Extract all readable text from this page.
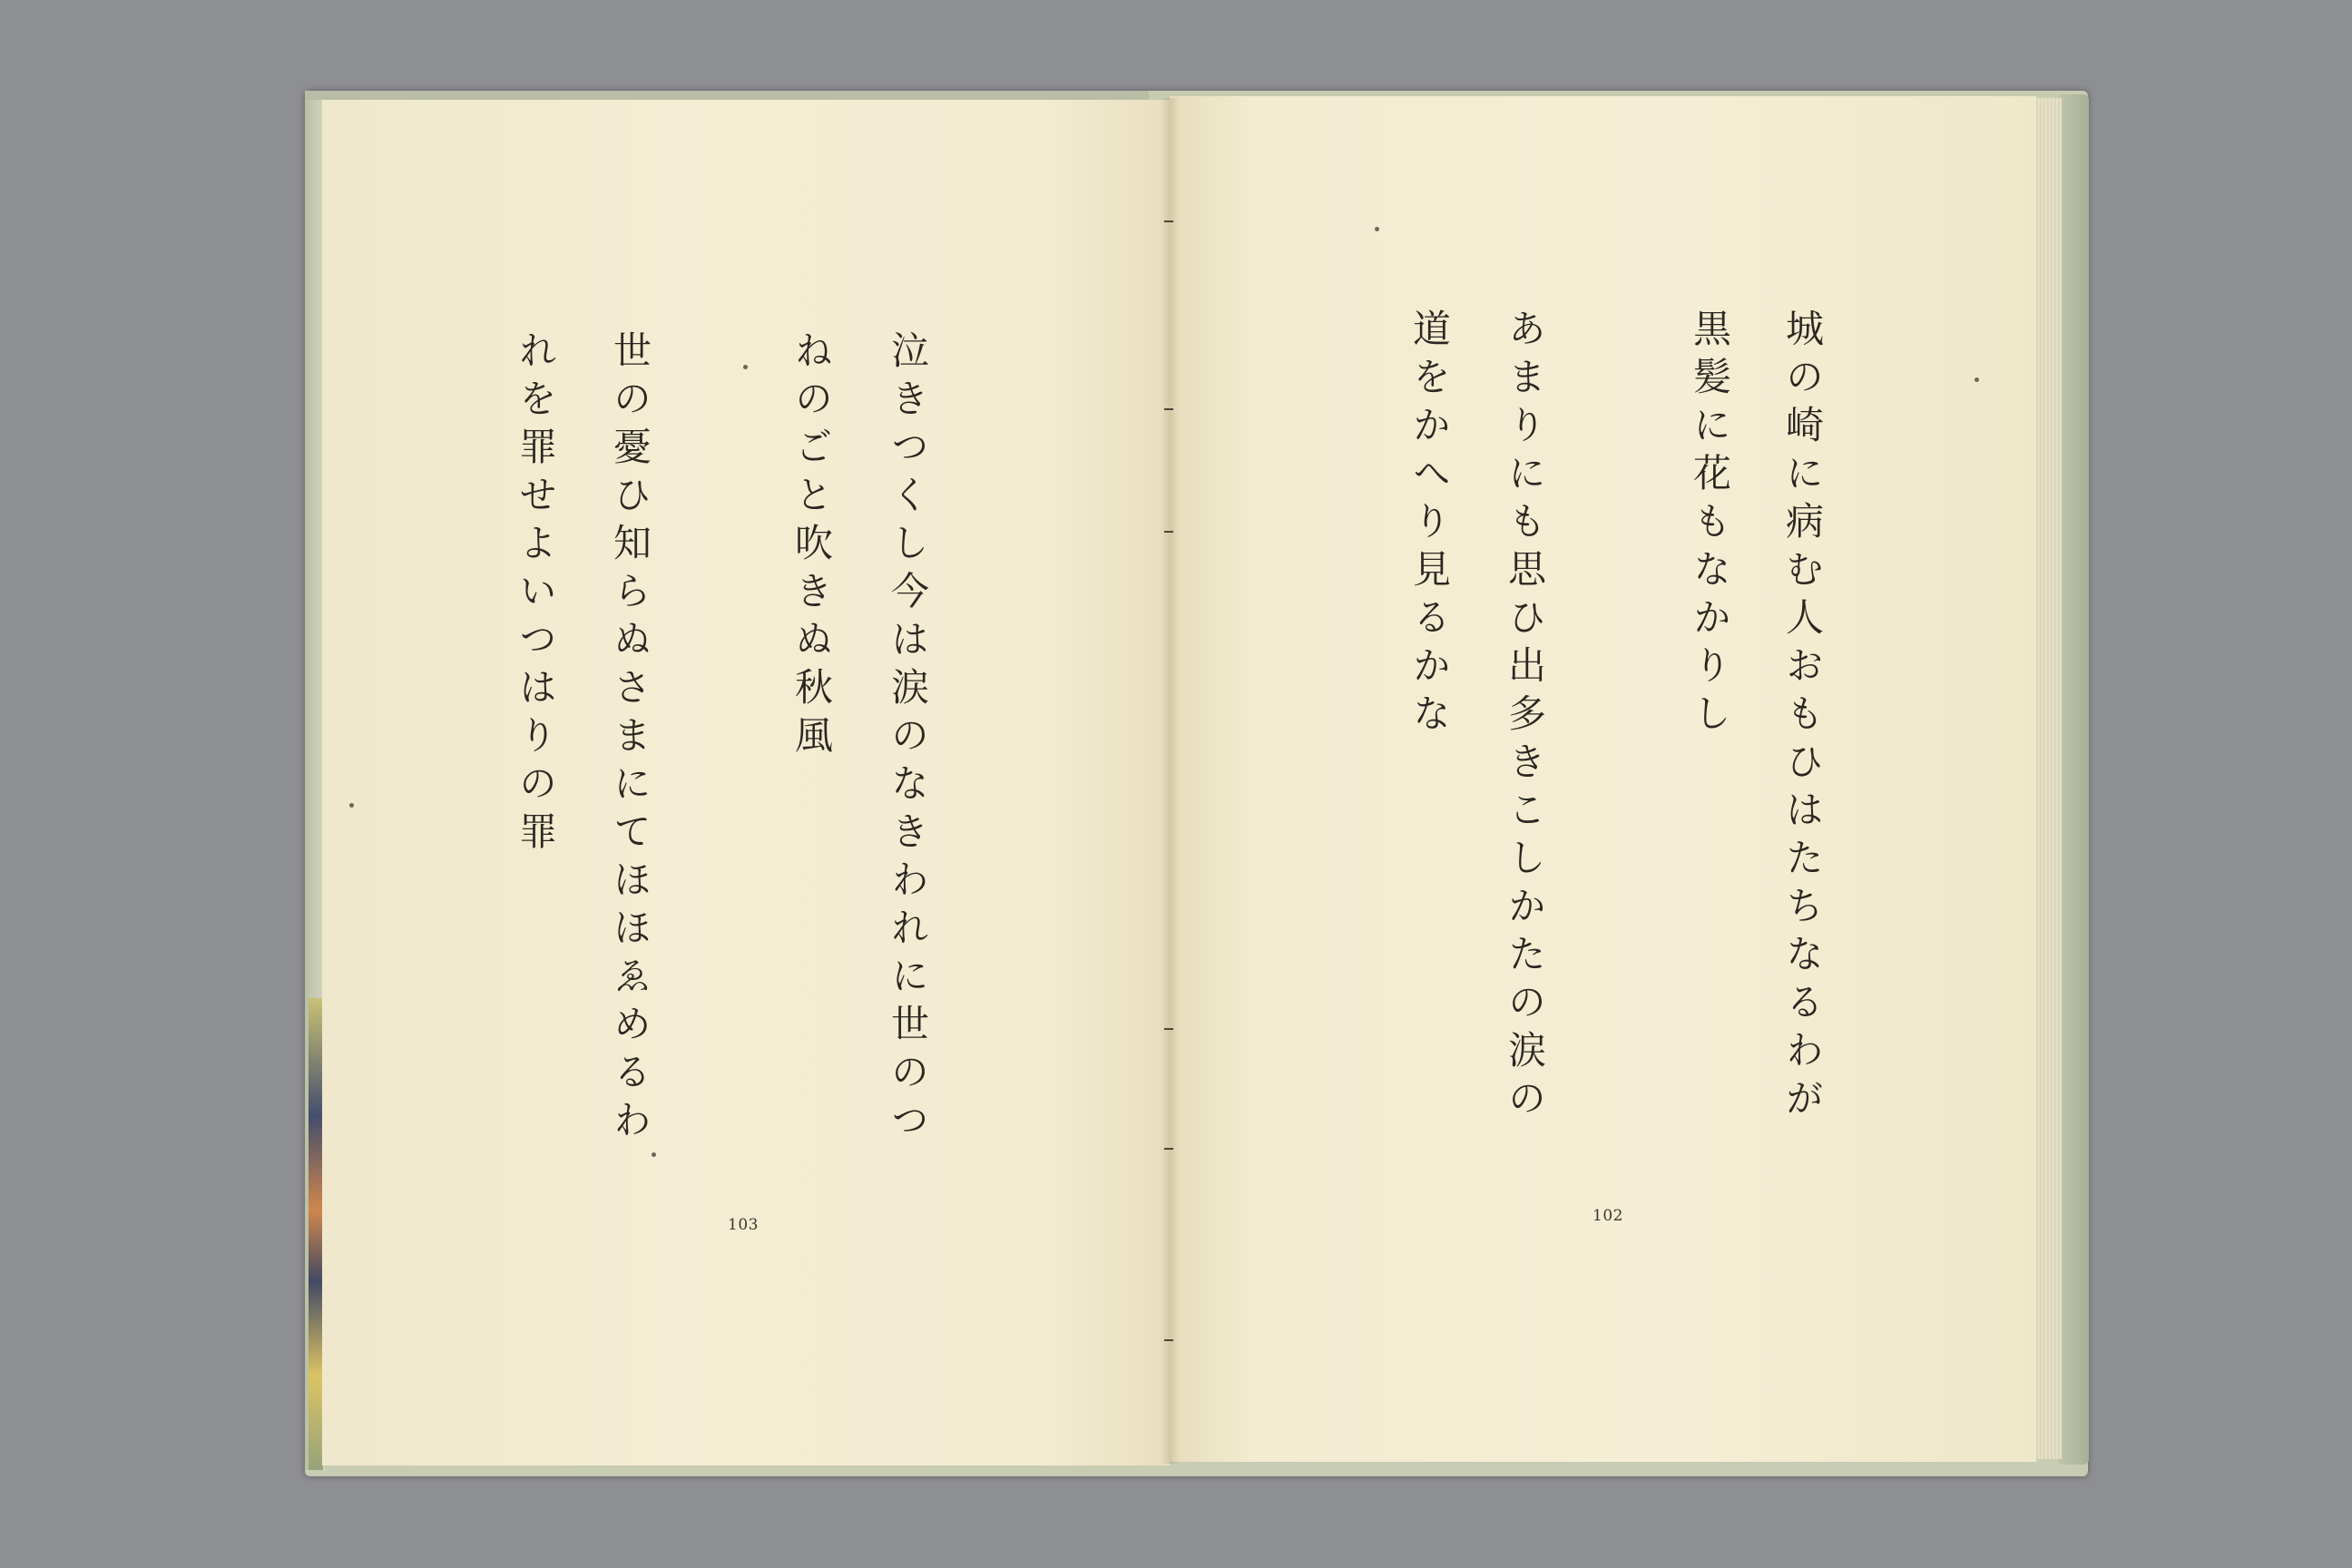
泣きつくし今は涙のなきわれに世のつ
ねのごと吹きぬ秋風
世の憂ひ知らぬさまにてほほゑめるわ
れを罪せよいつはりの罪
103
城の崎に病む人おもひはたちなるわが
黒髪に花もなかりし
あまりにも思ひ出多きこしかたの涙の
道をかへり見るかな
102
